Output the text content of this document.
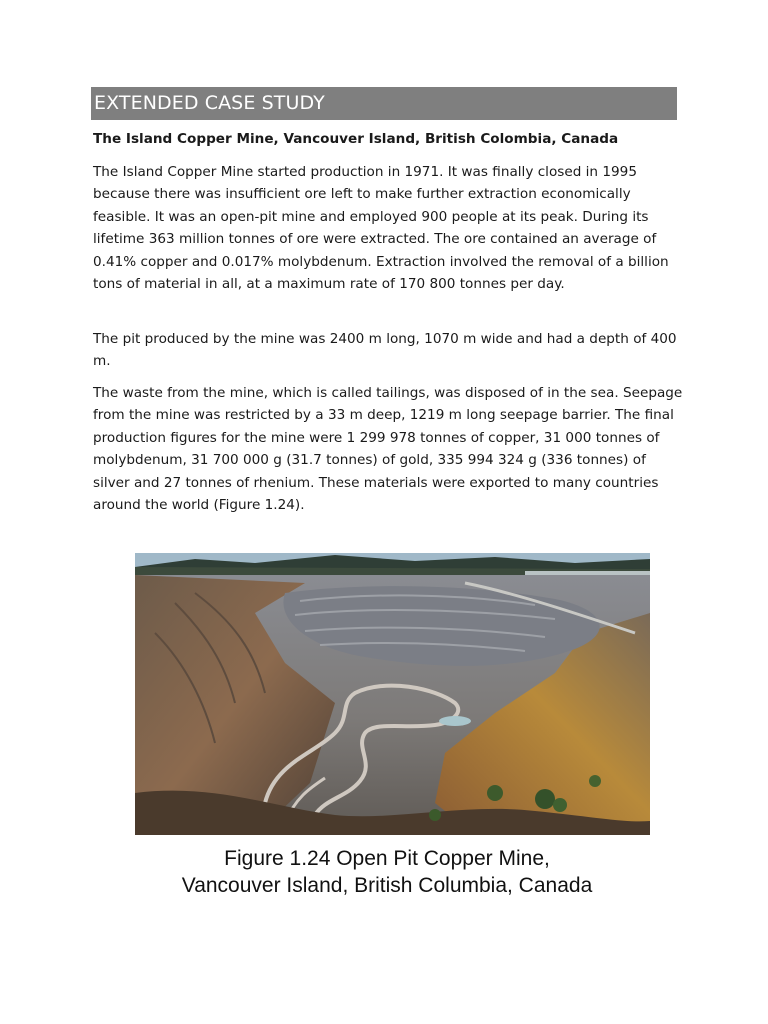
EXTENDED CASE STUDY

The Island Copper Mine, Vancouver Island, British Colombia, Canada

The Island Copper Mine started production in 1971. It was finally closed in 1995 because there was insufficient ore left to make further extraction economically feasible. It was an open-pit mine and employed 900 people at its peak. During its lifetime 363 million tonnes of ore were extracted. The ore contained an average of 0.41% copper and 0.017% molybdenum. Extraction involved the removal of a billion tons of material in all, at a maximum rate of 170 800 tonnes per day.

The pit produced by the mine was 2400 m long, 1070 m wide and had a depth of 400 m.

The waste from the mine, which is called tailings, was disposed of in the sea. Seepage from the mine was restricted by a 33 m deep, 1219 m long seepage barrier. The final production figures for the mine were 1 299 978 tonnes of copper, 31 000 tonnes of molybdenum, 31 700 000 g (31.7 tonnes) of gold, 335 994 324 g (336 tonnes) of silver and 27 tonnes of rhenium. These materials were exported to many countries around the world (Figure 1.24).

Figure 1.24 Open Pit Copper Mine,
Vancouver Island, British Columbia, Canada
